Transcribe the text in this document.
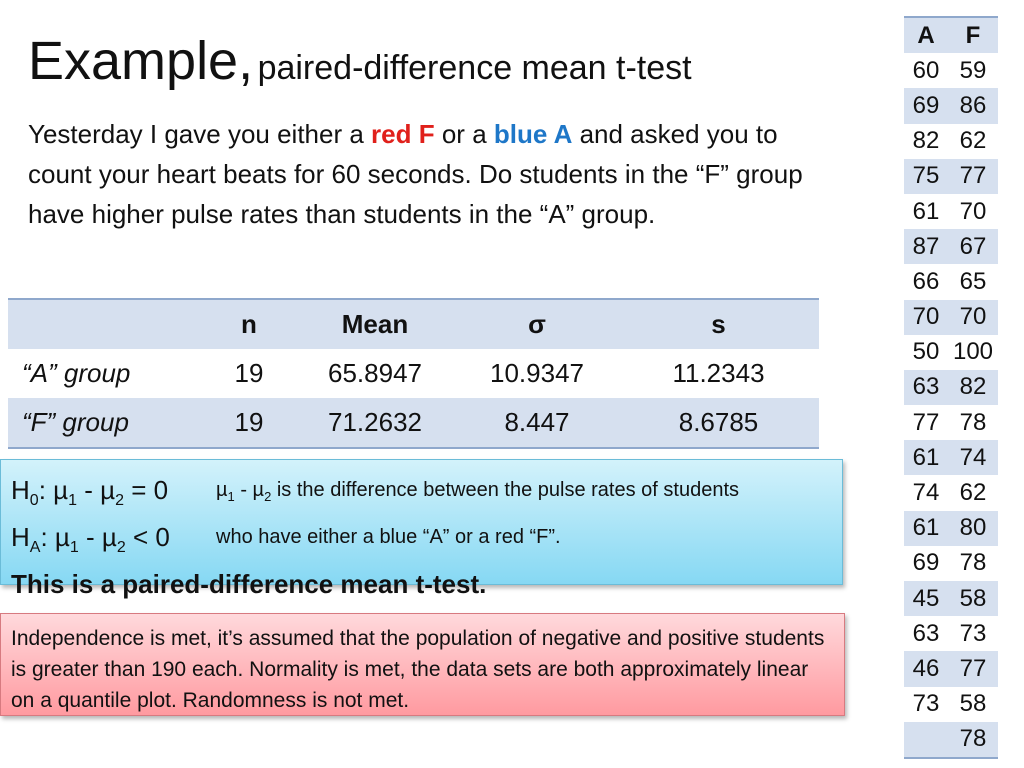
Example, paired-difference mean t-test
Yesterday I gave you either a red F or a blue A and asked you to count your heart beats for 60 seconds. Do students in the “F” group have higher pulse rates than students in the “A” group.
	n	Mean	σ	s
“A” group	19	65.8947	10.9347	11.2343
“F” group	19	71.2632	8.447	8.6785
$H_0$: µ$_1$ - µ$_2$ = 0 µ$_1$ - µ$_2$ is the difference between the pulse rates of students
$H_A$: µ$_1$ - µ$_2$ < 0 who have either a blue “A” or a red “F”.
This is a paired-difference mean t-test.
Independence is met, it’s assumed that the population of negative and positive students is greater than 190 each. Normality is met, the data sets are both approximately linear on a quantile plot. Randomness is not met.
A	F
60	59
69	86
82	62
75	77
61	70
87	67
66	65
70	70
50	100
63	82
77	78
61	74
74	62
61	80
69	78
45	58
63	73
46	77
73	58
	78
